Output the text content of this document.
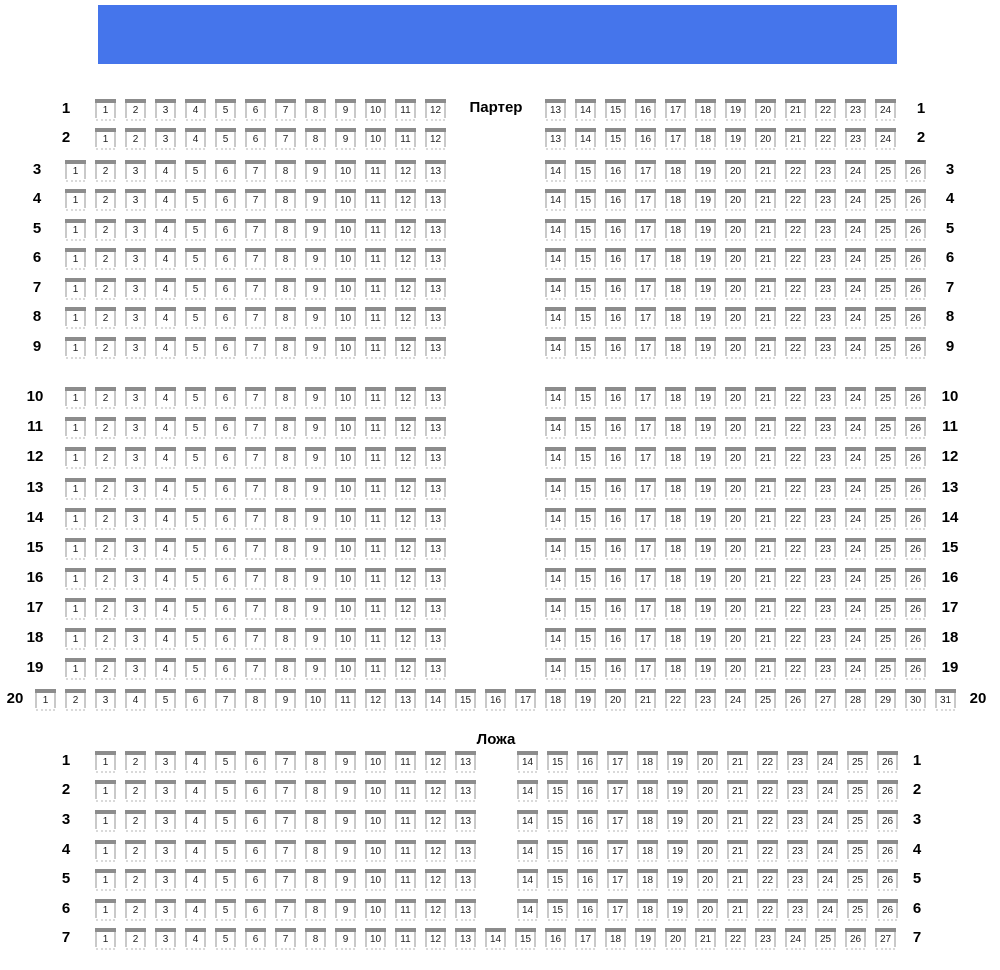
Партер
1	1
1	2	3	4	5	6	7	8	9	10	11	12	13	14	15	16	17	18	19	20	21	22	23	24
2	2
1	2	3	4	5	6	7	8	9	10	11	12	13	14	15	16	17	18	19	20	21	22	23	24
3	3
1	2	3	4	5	6	7	8	9	10	11	12	13	14	15	16	17	18	19	20	21	22	23	24	25	26
4	4
1	2	3	4	5	6	7	8	9	10	11	12	13	14	15	16	17	18	19	20	21	22	23	24	25	26
5	5
1	2	3	4	5	6	7	8	9	10	11	12	13	14	15	16	17	18	19	20	21	22	23	24	25	26
6	6
1	2	3	4	5	6	7	8	9	10	11	12	13	14	15	16	17	18	19	20	21	22	23	24	25	26
7	7
1	2	3	4	5	6	7	8	9	10	11	12	13	14	15	16	17	18	19	20	21	22	23	24	25	26
8	8
1	2	3	4	5	6	7	8	9	10	11	12	13	14	15	16	17	18	19	20	21	22	23	24	25	26
9	9
1	2	3	4	5	6	7	8	9	10	11	12	13	14	15	16	17	18	19	20	21	22	23	24	25	26
10	10
1	2	3	4	5	6	7	8	9	10	11	12	13	14	15	16	17	18	19	20	21	22	23	24	25	26
11	11
1	2	3	4	5	6	7	8	9	10	11	12	13	14	15	16	17	18	19	20	21	22	23	24	25	26
12	12
1	2	3	4	5	6	7	8	9	10	11	12	13	14	15	16	17	18	19	20	21	22	23	24	25	26
13	13
1	2	3	4	5	6	7	8	9	10	11	12	13	14	15	16	17	18	19	20	21	22	23	24	25	26
14	14
1	2	3	4	5	6	7	8	9	10	11	12	13	14	15	16	17	18	19	20	21	22	23	24	25	26
15	15
1	2	3	4	5	6	7	8	9	10	11	12	13	14	15	16	17	18	19	20	21	22	23	24	25	26
16	16
1	2	3	4	5	6	7	8	9	10	11	12	13	14	15	16	17	18	19	20	21	22	23	24	25	26
17	17
1	2	3	4	5	6	7	8	9	10	11	12	13	14	15	16	17	18	19	20	21	22	23	24	25	26
18	18
1	2	3	4	5	6	7	8	9	10	11	12	13	14	15	16	17	18	19	20	21	22	23	24	25	26
19	19
1	2	3	4	5	6	7	8	9	10	11	12	13	14	15	16	17	18	19	20	21	22	23	24	25	26
20	20
1	2	3	4	5	6	7	8	9	10	11	12	13	14	15	16	17	18	19	20	21	22	23	24	25	26	27	28	29	30	31
Ложа
1	1
1	2	3	4	5	6	7	8	9	10	11	12	13	14	15	16	17	18	19	20	21	22	23	24	25	26
2	2
1	2	3	4	5	6	7	8	9	10	11	12	13	14	15	16	17	18	19	20	21	22	23	24	25	26
3	3
1	2	3	4	5	6	7	8	9	10	11	12	13	14	15	16	17	18	19	20	21	22	23	24	25	26
4	4
1	2	3	4	5	6	7	8	9	10	11	12	13	14	15	16	17	18	19	20	21	22	23	24	25	26
5	5
1	2	3	4	5	6	7	8	9	10	11	12	13	14	15	16	17	18	19	20	21	22	23	24	25	26
6	6
1	2	3	4	5	6	7	8	9	10	11	12	13	14	15	16	17	18	19	20	21	22	23	24	25	26
7	7
1	2	3	4	5	6	7	8	9	10	11	12	13	14	15	16	17	18	19	20	21	22	23	24	25	26	27
